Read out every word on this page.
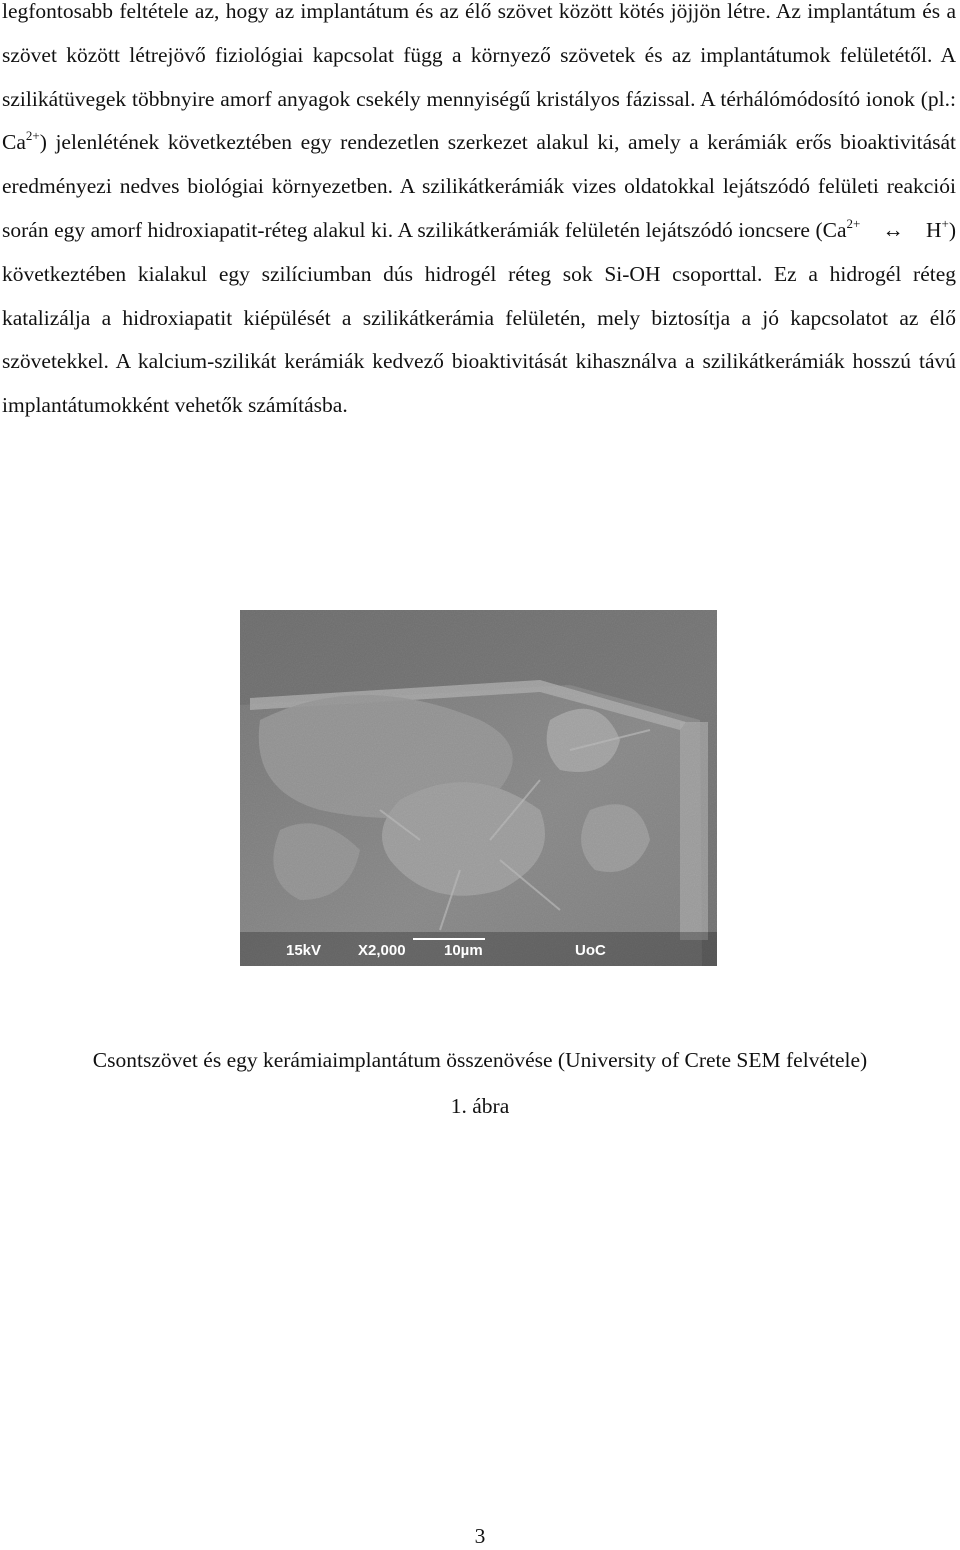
legfontosabb feltétele az, hogy az implantátum és az élő szövet között kötés jöjjön létre. Az implantátum és a szövet között létrejövő fiziológiai kapcsolat függ a környező szövetek és az implantátumok felületétől. A szilikátüvegek többnyire amorf anyagok csekély mennyiségű kristályos fázissal. A térhálómódosító ionok (pl.: $Ca^{2+}$) jelenlétének következtében egy rendezetlen szerkezet alakul ki, amely a kerámiák erős bioaktivitását eredményezi nedves biológiai környezetben. A szilikátkerámiák vizes oldatokkal lejátszódó felületi reakciói során egy amorf hidroxiapatit-réteg alakul ki. A szilikátkerámiák felületén lejátszódó ioncsere ($Ca^{2+}$ ↔ H+) következtében kialakul egy szilíciumban dús hidrogél réteg sok Si-OH csoporttal. Ez a hidrogél réteg katalizálja a hidroxiapatit kiépülését a szilikátkerámia felületén, mely biztosítja a jó kapcsolatot az élő szövetekkel. A kalcium-szilikát kerámiák kedvező bioaktivitását kihasználva a szilikátkerámiák hosszú távú implantátumokként vehetők számításba.
15kV X2,000	10µm	UoC
Csontszövet és egy kerámiaimplantátum összenövése (University of Crete SEM felvétele)
1. ábra
3
